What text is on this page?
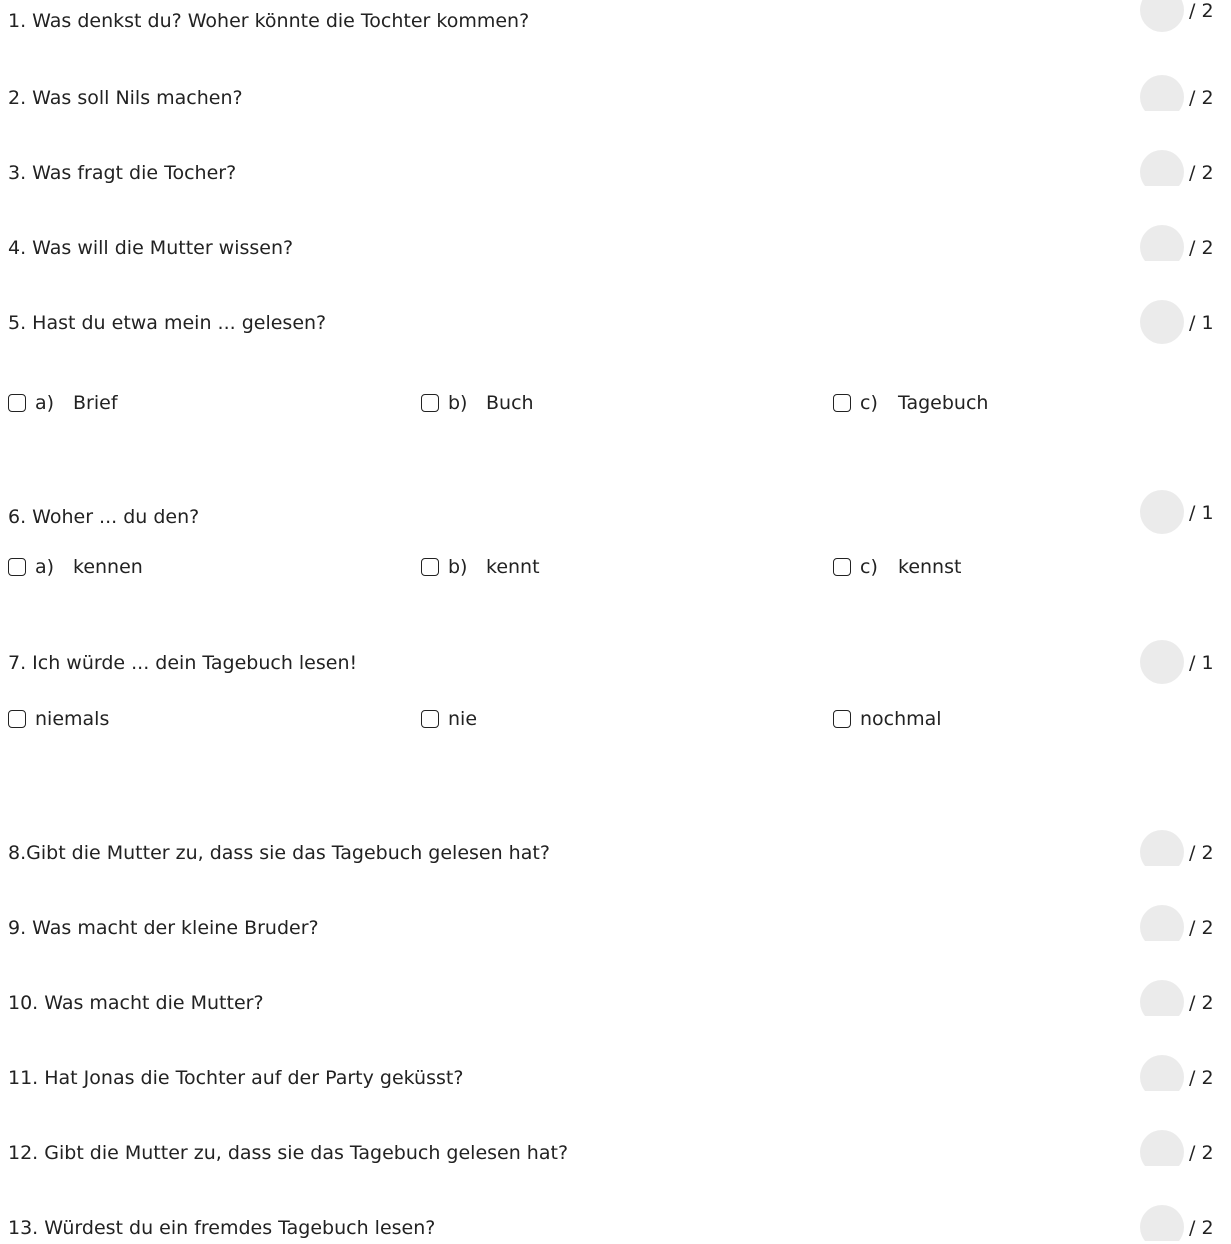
1. Was denkst du? Woher könnte die Tochter kommen?	/ 2
2. Was soll Nils machen?	/ 2
3. Was fragt die Tocher?	/ 2
4. Was will die Mutter wissen?	/ 2
5. Hast du etwa mein ... gelesen?	/ 1
a) Brief	b) Buch	c)	Tagebuch
6. Woher ... du den?	/ 1
a) kennen	b) kennt	c)	kennst
7. Ich würde ... dein Tagebuch lesen!	/ 1
niemals	nie	nochmal
8.Gibt die Mutter zu, dass sie das Tagebuch gelesen hat?	/ 2
9. Was macht der kleine Bruder?	/ 2
10. Was macht die Mutter?	/ 2
11. Hat Jonas die Tochter auf der Party geküsst?	/ 2
12. Gibt die Mutter zu, dass sie das Tagebuch gelesen hat?	/ 2
13. Würdest du ein fremdes Tagebuch lesen?	/ 2
